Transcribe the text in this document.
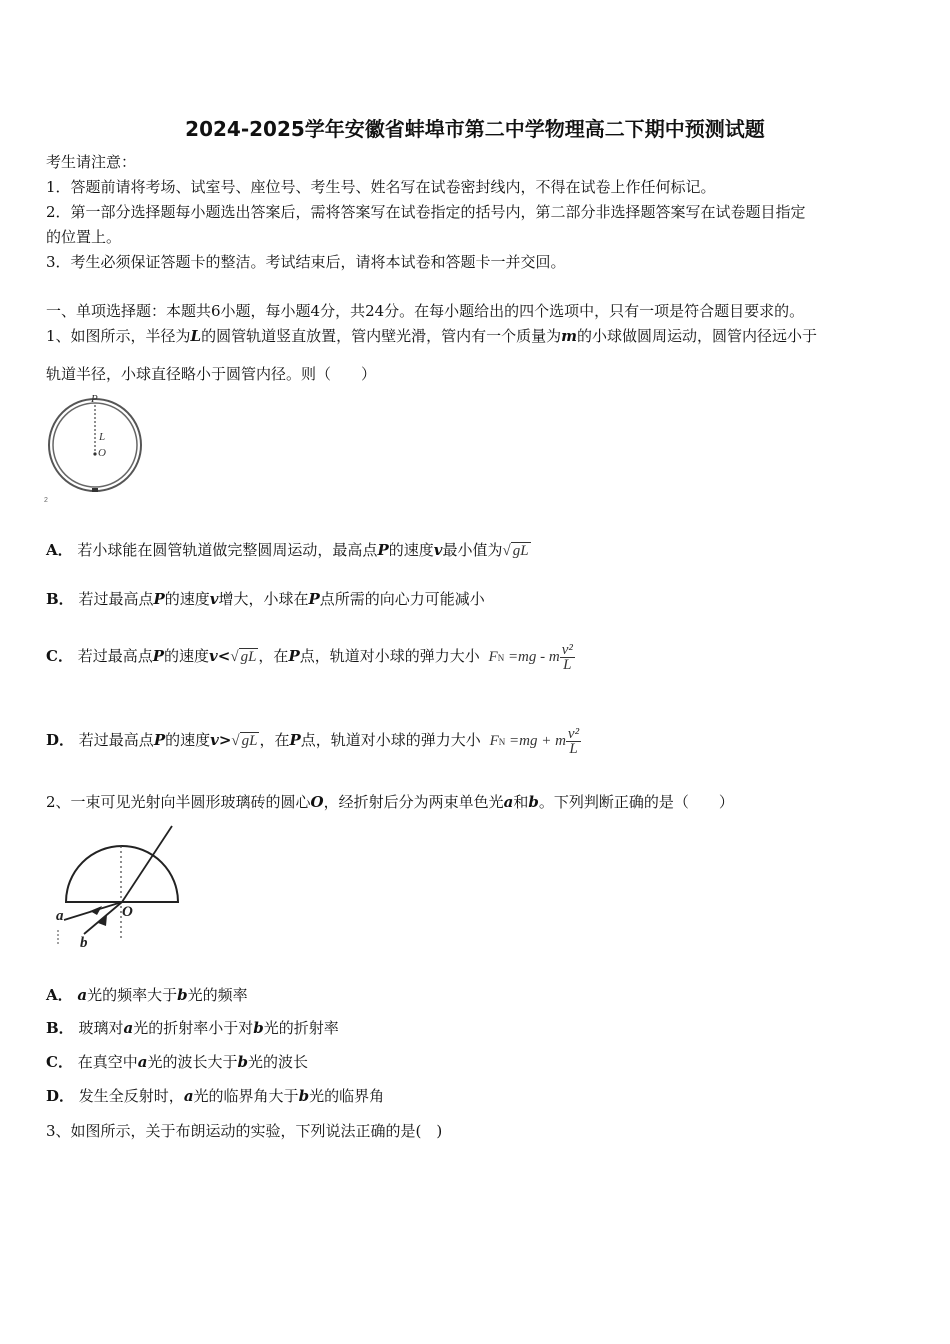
2024-2025学年安徽省蚌埠市第二中学物理高二下期中预测试题
考生请注意：
1．答题前请将考场、试室号、座位号、考生号、姓名写在试卷密封线内，不得在试卷上作任何标记。
2．第一部分选择题每小题选出答案后，需将答案写在试卷指定的括号内，第二部分非选择题答案写在试卷题目指定
的位置上。
3．考生必须保证答题卡的整洁。考试结束后，请将本试卷和答题卡一并交回。
一、单项选择题：本题共6小题，每小题4分，共24分。在每小题给出的四个选项中，只有一项是符合题目要求的。
1、如图所示，半径为L的圆管轨道竖直放置，管内壁光滑，管内有一个质量为m的小球做圆周运动，圆管内径远小于
轨道半径，小球直径略小于圆管内径。则（　　）
P
L
O
2
A． 若小球能在圆管轨道做完整圆周运动，最高点P的速度v最小值为√ gL
B． 若过最高点P的速度v增大，小球在P点所需的向心力可能减小
C． 若过最高点P的速度v<√ gL ，在P点，轨道对小球的弹力大小 FN =mg - m $\frac{\text{v²}}{L}$
D． 若过最高点P的速度v>√ gL ，在P点，轨道对小球的弹力大小 FN =mg + m $\frac{\text{v²}}{L}$
2、一束可见光射向半圆形玻璃砖的圆心O，经折射后分为两束单色光a和b。下列判断正确的是（　　）
a
b
O
A． a光的频率大于b光的频率
B． 玻璃对a光的折射率小于对b光的折射率
C． 在真空中a光的波长大于b光的波长
D． 发生全反射时，a光的临界角大于b光的临界角
3、如图所示，关于布朗运动的实验，下列说法正确的是(　)
